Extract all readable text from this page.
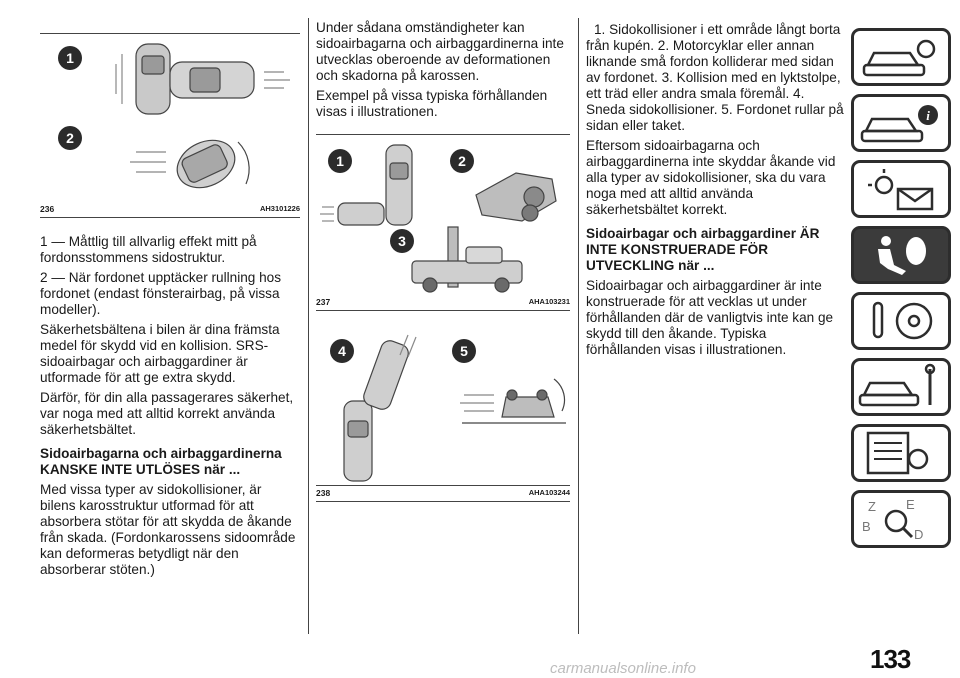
1
2
236	AH3101226

1 — Måttlig till allvarlig effekt mitt på fordonsstommens sidostruktur.

2 — När fordonet upptäcker rullning hos fordonet (endast fönsterairbag, på vissa modeller).

Säkerhetsbältena i bilen är dina främsta medel för skydd vid en kollision. SRS-sidoairbagar och airbaggardiner är utformade för att ge extra skydd.

Därför, för din alla passagerares säkerhet, var noga med att alltid korrekt använda säkerhetsbältet.

Sidoairbagarna och airbaggardinerna KANSKE INTE UTLÖSES när ...

Med vissa typer av sidokollisioner, är bilens karosstruktur utformad för att absorbera stötar för att skydda de åkande från skada. (Fordonkarossens sidoområde kan deformeras betydligt när den absorberar stöten.)

Under sådana omständigheter kan sidoairbagarna och airbaggardinerna inte utvecklas oberoende av deformationen och skadorna på karossen.

Exempel på vissa typiska förhållanden visas i illustrationen.

1	2
3
237	AHA103231
4	5
238	AHA103244

1. Sidokollisioner i ett område långt borta från kupén. 2. Motorcyklar eller annan liknande små fordon kolliderar med sidan av fordonet. 3. Kollision med en lyktstolpe, ett träd eller andra smala föremål. 4. Sneda sidokollisioner. 5. Fordonet rullar på sidan eller taket.

Eftersom sidoairbagarna och airbaggardinerna inte skyddar åkande vid alla typer av sidokollisioner, ska du vara noga med att alltid använda säkerhetsbältet korrekt.

Sidoairbagar och airbaggardiner ÄR INTE KONSTRUERADE FÖR UTVECKLING när ...

Sidoairbagar och airbaggardiner är inte konstruerade för att vecklas ut under förhållanden där de vanligtvis inte kan ge skydd till den åkande. Typiska förhållanden visas i illustrationen.

i
Z E
B
D
133
carmanualsonline.info
